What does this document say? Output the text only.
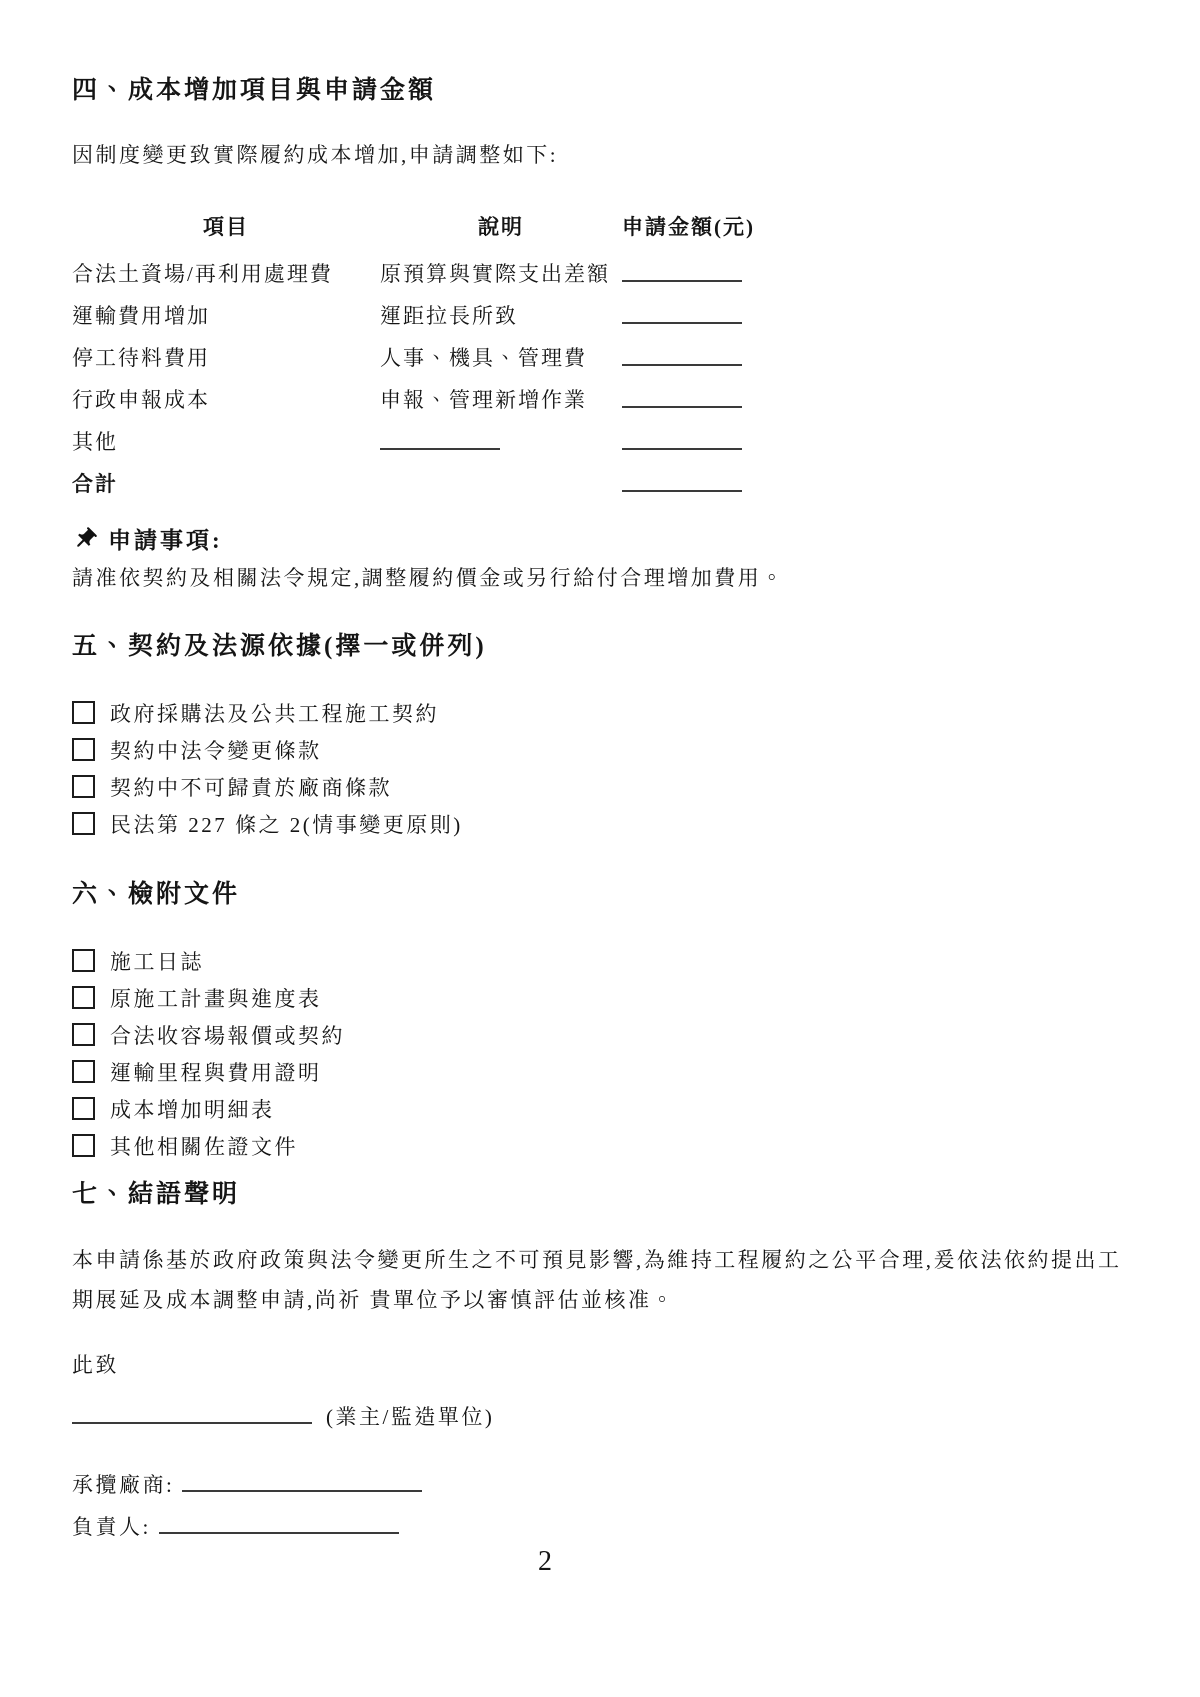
四、成本增加項目與申請金額

因制度變更致實際履約成本增加,申請調整如下:

項目	說明	申請金額(元)
合法土資場/再利用處理費	原預算與實際支出差額
運輸費用增加	運距拉長所致
停工待料費用	人事、機具、管理費
行政申報成本	申報、管理新增作業
其他
合計
申請事項:

請准依契約及相關法令規定,調整履約價金或另行給付合理增加費用。

五、契約及法源依據(擇一或併列)
政府採購法及公共工程施工契約
契約中法令變更條款
契約中不可歸責於廠商條款
民法第 227 條之 2(情事變更原則)
六、檢附文件
施工日誌
原施工計畫與進度表
合法收容場報價或契約
運輸里程與費用證明
成本增加明細表
其他相關佐證文件
七、結語聲明

本申請係基於政府政策與法令變更所生之不可預見影響,為維持工程履約之公平合理,爰依法依約提出工期展延及成本調整申請,尚祈 貴單位予以審慎評估並核准。

此致
(業主/監造單位)
承攬廠商:
負責人:
2
